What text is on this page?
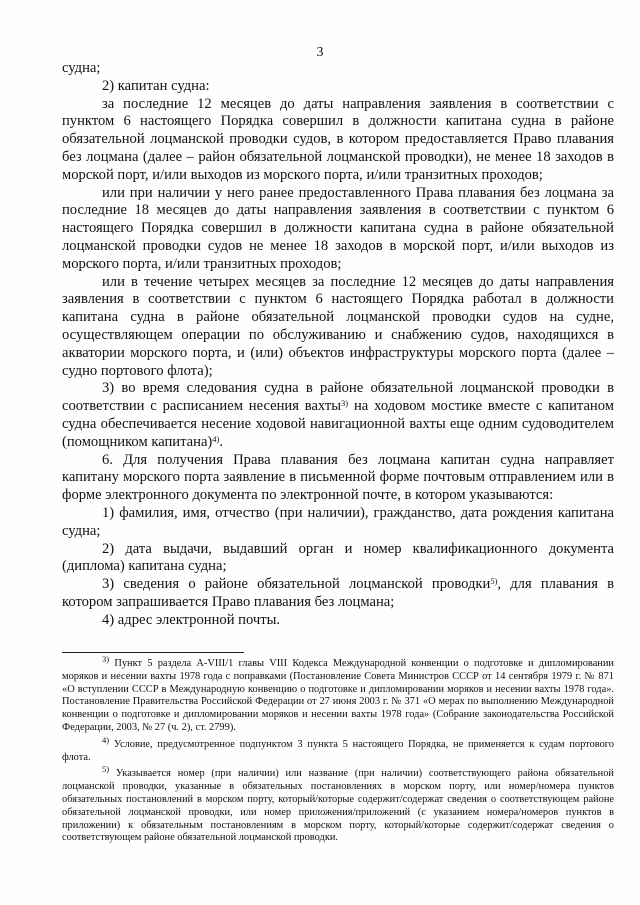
3

судна;

2) капитан судна:

за последние 12 месяцев до даты направления заявления в соответствии с пунктом 6 настоящего Порядка совершил в должности капитана судна в районе обязательной лоцманской проводки судов, в котором предоставляется Право плавания без лоцмана (далее – район обязательной лоцманской проводки), не менее 18 заходов в морской порт, и/или выходов из морского порта, и/или транзитных проходов;

или при наличии у него ранее предоставленного Права плавания без лоцмана за последние 18 месяцев до даты направления заявления в соответствии с пунктом 6 настоящего Порядка совершил в должности капитана судна в районе обязательной лоцманской проводки судов не менее 18 заходов в морской порт, и/или выходов из морского порта, и/или транзитных проходов;

или в течение четырех месяцев за последние 12 месяцев до даты направления заявления в соответствии с пунктом 6 настоящего Порядка работал в должности капитана судна в районе обязательной лоцманской проводки судов на судне, осуществляющем операции по обслуживанию и снабжению судов, находящихся в акватории морского порта, и (или) объектов инфраструктуры морского порта (далее – судно портового флота);

3) во время следования судна в районе обязательной лоцманской проводки в соответствии с расписанием несения вахты$^{3)}$ на ходовом мостике вместе с капитаном судна обеспечивается несение ходовой навигационной вахты еще одним судоводителем (помощником капитана)$^{4)}$.

6. Для получения Права плавания без лоцмана капитан судна направляет капитану морского порта заявление в письменной форме почтовым отправлением или в форме электронного документа по электронной почте, в котором указываются:

1) фамилия, имя, отчество (при наличии), гражданство, дата рождения капитана судна;

2) дата выдачи, выдавший орган и номер квалификационного документа (диплома) капитана судна;

3) сведения о районе обязательной лоцманской проводки$^{5)}$, для плавания в котором запрашивается Право плавания без лоцмана;

4) адрес электронной почты.

$^{3)}$ Пункт 5 раздела A-VIII/1 главы VIII Кодекса Международной конвенции о подготовке и дипломировании моряков и несении вахты 1978 года с поправками (Постановление Совета Министров СССР от 14 сентября 1979 г. № 871 «О вступлении СССР в Международную конвенцию о подготовке и дипломировании моряков и несении вахты 1978 года». Постановление Правительства Российской Федерации от 27 июня 2003 г. № 371 «О мерах по выполнению Международной конвенции о подготовке и дипломировании моряков и несении вахты 1978 года» (Собрание законодательства Российской Федерации, 2003, № 27 (ч. 2), ст. 2799).

$^{4)}$ Условие, предусмотренное подпунктом 3 пункта 5 настоящего Порядка, не применяется к судам портового флота.

$^{5)}$ Указывается номер (при наличии) или название (при наличии) соответствующего района обязательной лоцманской проводки, указанные в обязательных постановлениях в морском порту, или номер/номера пунктов обязательных постановлений в морском порту, который/которые содержит/содержат сведения о соответствующем районе обязательной лоцманской проводки, или номер приложения/приложений (с указанием номера/номеров пунктов в приложении) к обязательным постановлениям в морском порту, который/которые содержит/содержат сведения о соответствующем районе обязательной лоцманской проводки.
